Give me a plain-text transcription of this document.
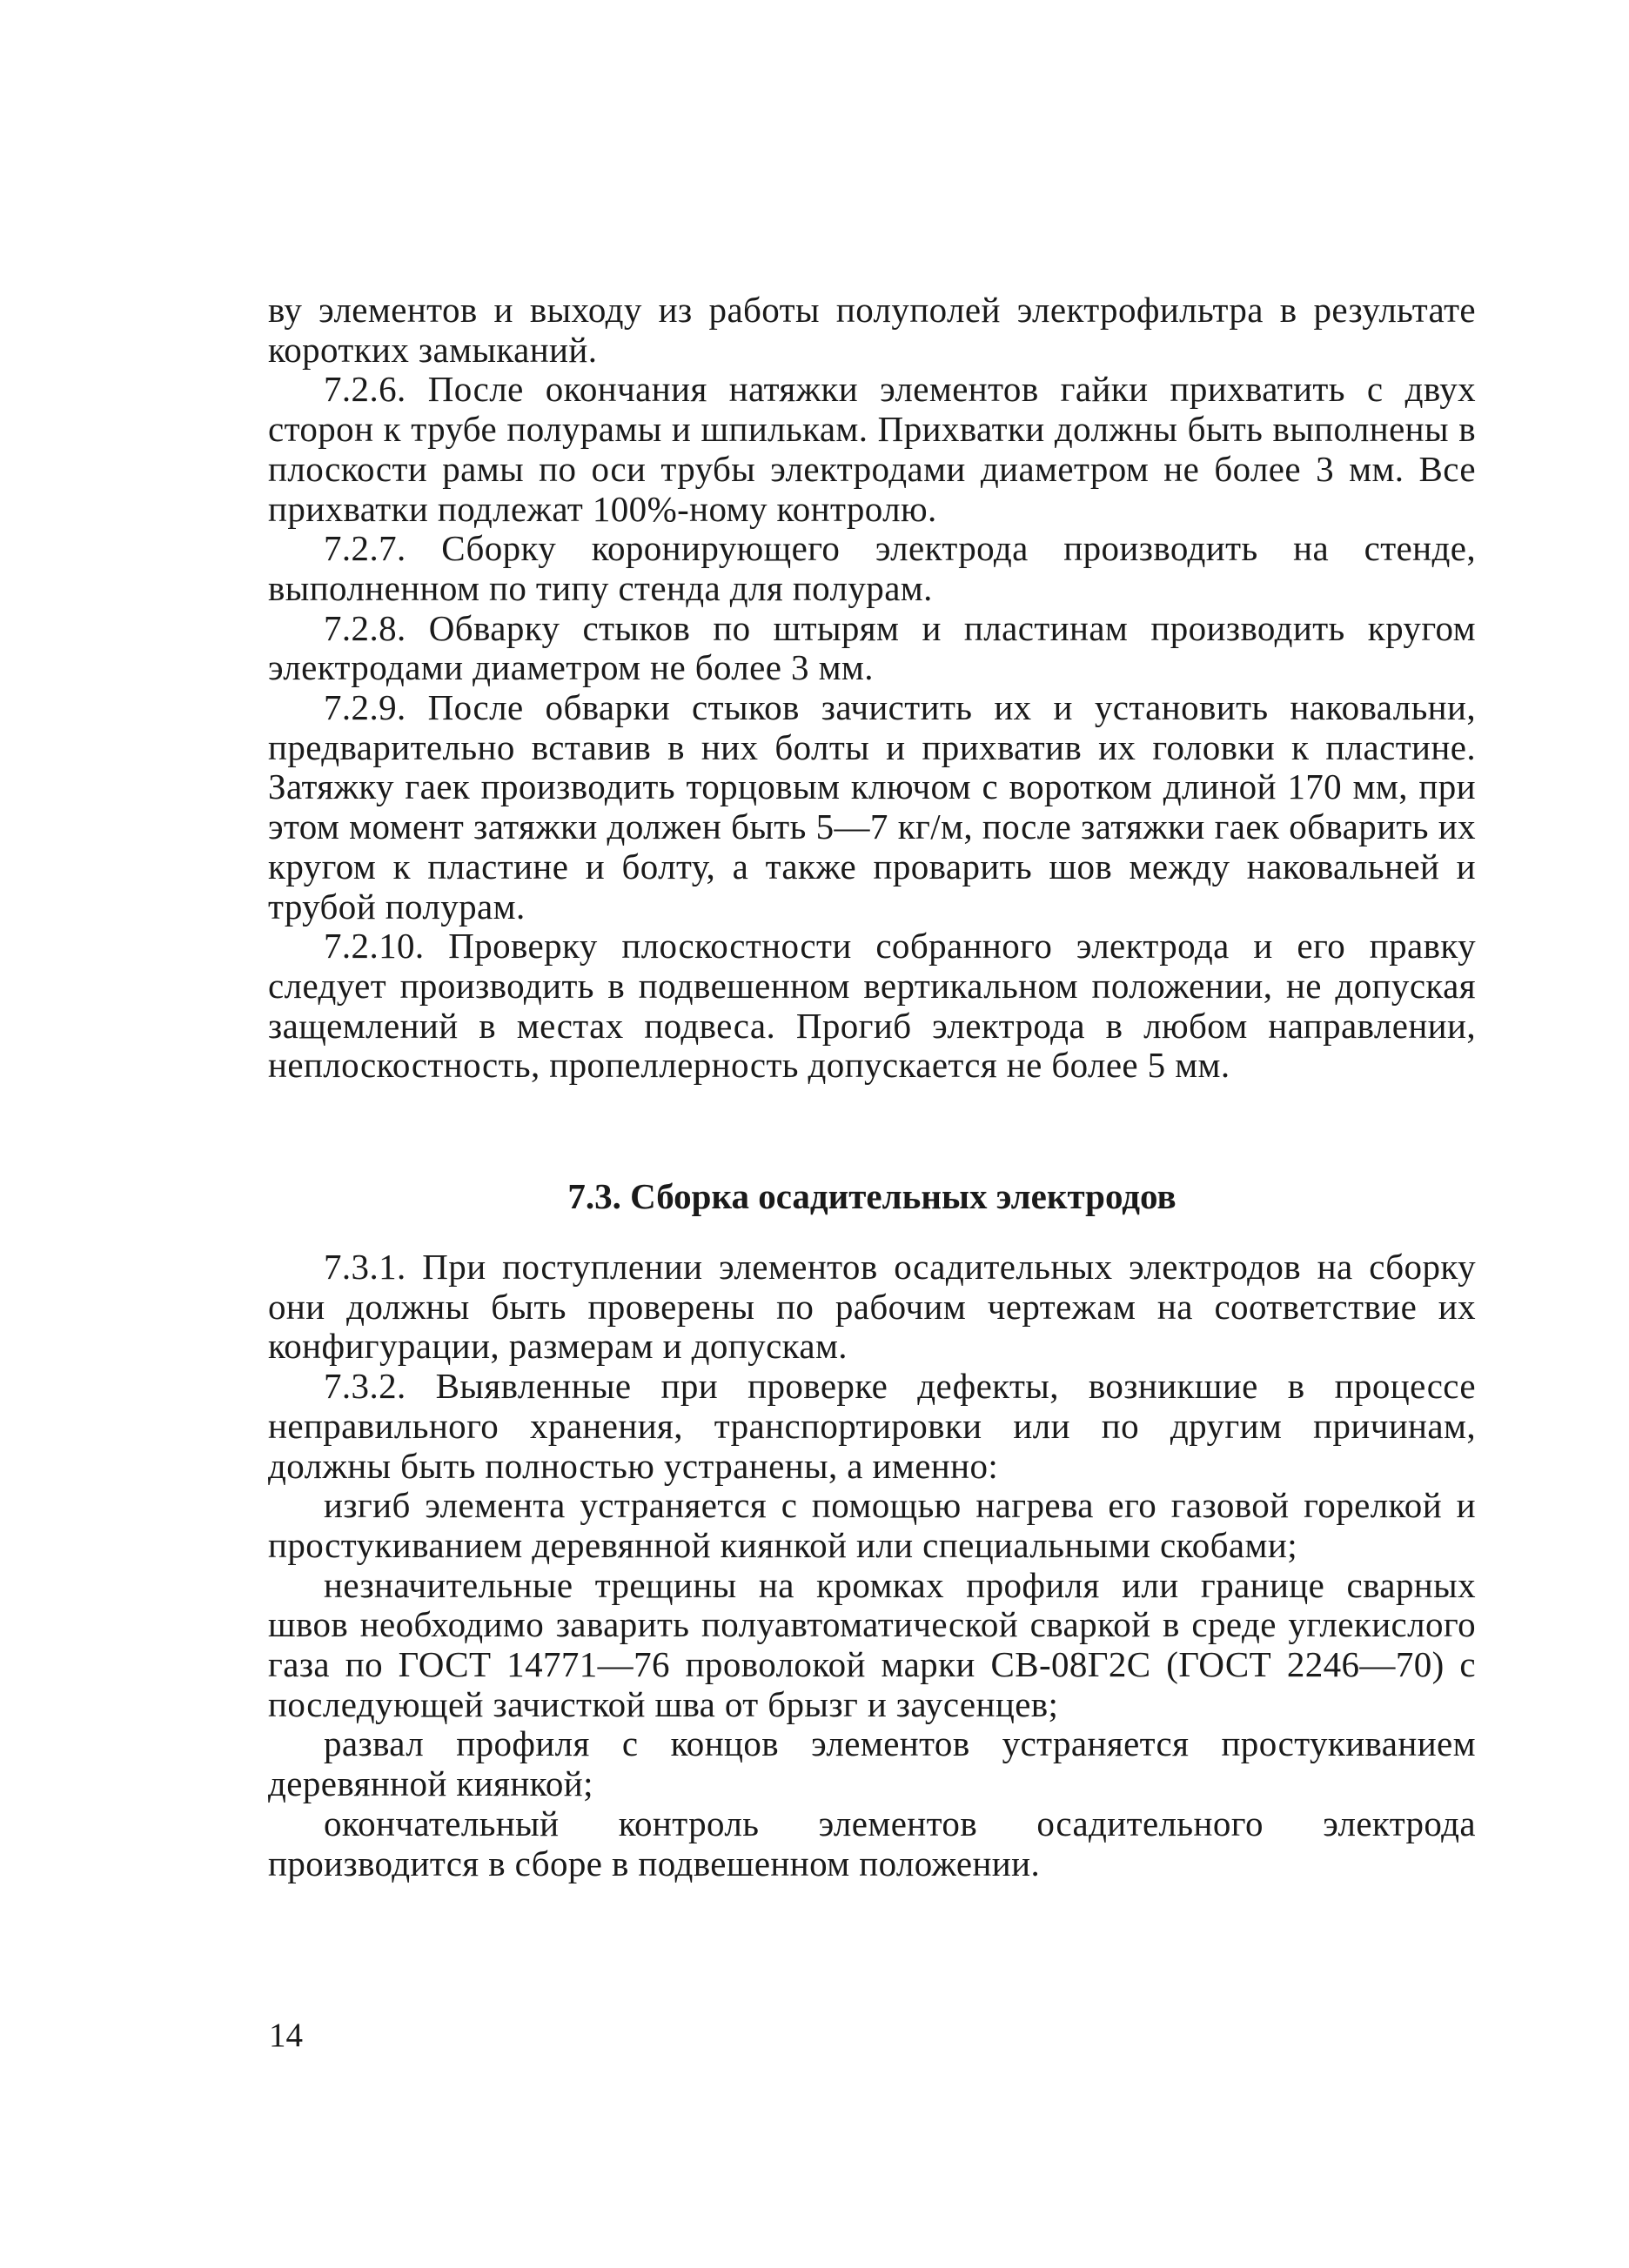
ву элементов и выходу из работы полуполей электрофильтра в результате коротких замыканий.

7.2.6. После окончания натяжки элементов гайки прихватить с двух сторон к трубе полурамы и шпилькам. Прихватки должны быть выполнены в плоскости рамы по оси трубы электродами диаметром не более 3 мм. Все прихватки подлежат 100%-ному контролю.

7.2.7. Сборку коронирующего электрода производить на стенде, выполненном по типу стенда для полурам.

7.2.8. Обварку стыков по штырям и пластинам производить кругом электродами диаметром не более 3 мм.

7.2.9. После обварки стыков зачистить их и установить наковальни, предварительно вставив в них болты и прихватив их головки к пластине. Затяжку гаек производить торцовым ключом с воротком длиной 170 мм, при этом момент затяжки должен быть 5—7 кг/м, после затяжки гаек обварить их кругом к пластине и болту, а также проварить шов между наковальней и трубой полурам.

7.2.10. Проверку плоскостности собранного электрода и его правку следует производить в подвешенном вертикальном положении, не допуская защемлений в местах подвеса. Прогиб электрода в любом направлении, неплоскостность, пропеллерность допускается не более 5 мм.

7.3. Сборка осадительных электродов

7.3.1. При поступлении элементов осадительных электродов на сборку они должны быть проверены по рабочим чертежам на соответствие их конфигурации, размерам и допускам.

7.3.2. Выявленные при проверке дефекты, возникшие в процессе неправильного хранения, транспортировки или по другим причинам, должны быть полностью устранены, а именно:

изгиб элемента устраняется с помощью нагрева его газовой горелкой и простукиванием деревянной киянкой или специальными скобами;

незначительные трещины на кромках профиля или границе сварных швов необходимо заварить полуавтоматической сваркой в среде углекислого газа по ГОСТ 14771—76 проволокой марки СВ-08Г2С (ГОСТ 2246—70) с последующей зачисткой шва от брызг и заусенцев;

развал профиля с концов элементов устраняется простукиванием деревянной киянкой;

окончательный контроль элементов осадительного электрода производится в сборе в подвешенном положении.

14
